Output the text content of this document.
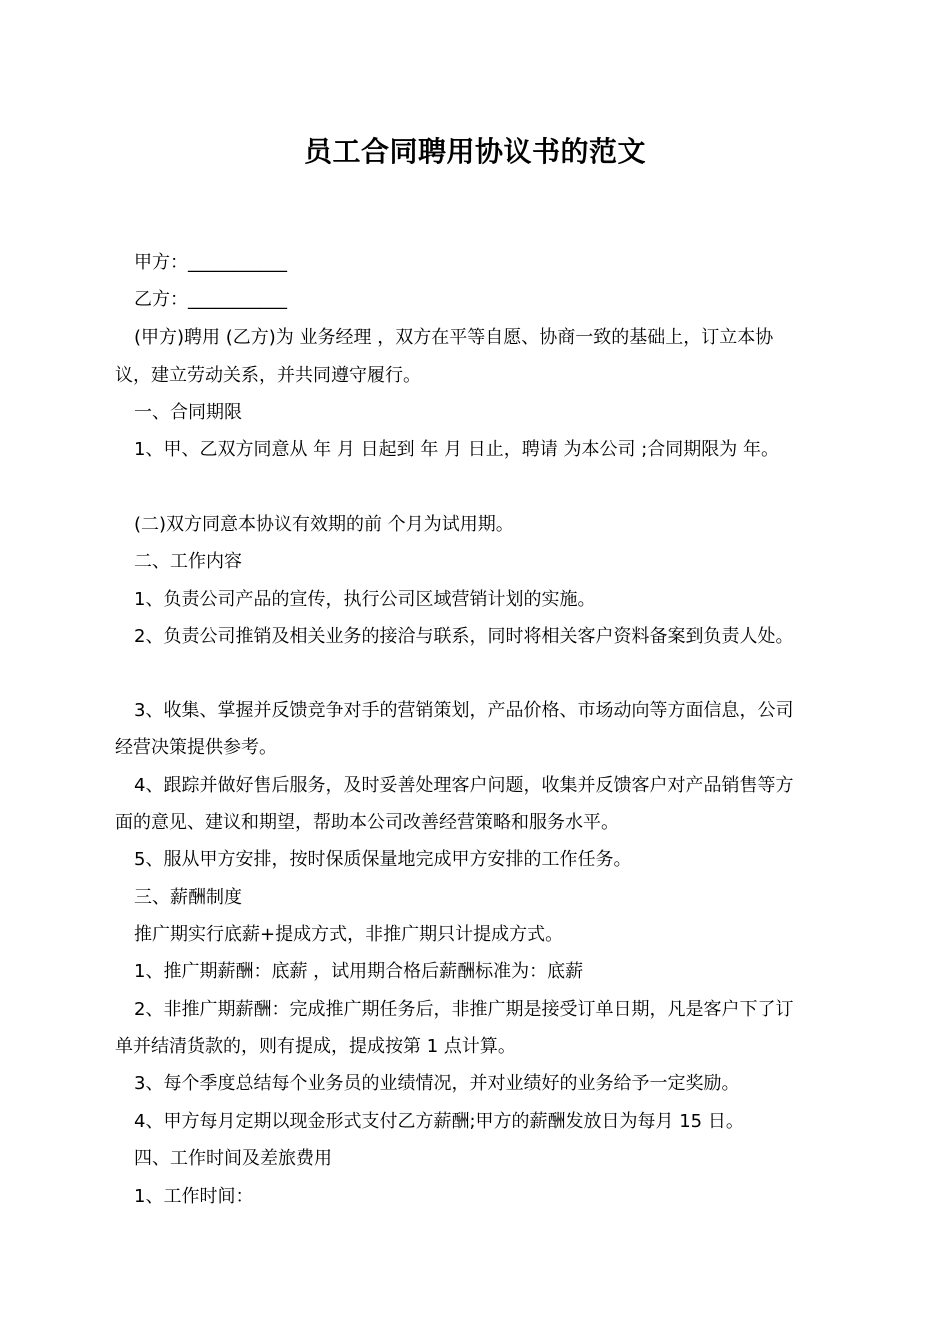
员工合同聘用协议书的范文
甲方：___________
乙方：___________
(甲方)聘用 (乙方)为 业务经理 ，双方在平等自愿、协商一致的基础上，订立本协
议，建立劳动关系，并共同遵守履行。
一、合同期限
1、甲、乙双方同意从 年 月 日起到 年 月 日止，聘请 为本公司 ;合同期限为 年。
(二)双方同意本协议有效期的前 个月为试用期。
二、工作内容
1、负责公司产品的宣传，执行公司区域营销计划的实施。
2、负责公司推销及相关业务的接洽与联系，同时将相关客户资料备案到负责人处。
3、收集、掌握并反馈竞争对手的营销策划，产品价格、市场动向等方面信息，公司
经营决策提供参考。
4、跟踪并做好售后服务，及时妥善处理客户问题，收集并反馈客户对产品销售等方
面的意见、建议和期望，帮助本公司改善经营策略和服务水平。
5、服从甲方安排，按时保质保量地完成甲方安排的工作任务。
三、薪酬制度
推广期实行底薪+提成方式，非推广期只计提成方式。
1、推广期薪酬：底薪 ，试用期合格后薪酬标准为：底薪
2、非推广期薪酬：完成推广期任务后，非推广期是接受订单日期，凡是客户下了订
单并结清货款的，则有提成，提成按第 1 点计算。
3、每个季度总结每个业务员的业绩情况，并对业绩好的业务给予一定奖励。
4、甲方每月定期以现金形式支付乙方薪酬;甲方的薪酬发放日为每月 15 日。
四、工作时间及差旅费用
1、工作时间：
